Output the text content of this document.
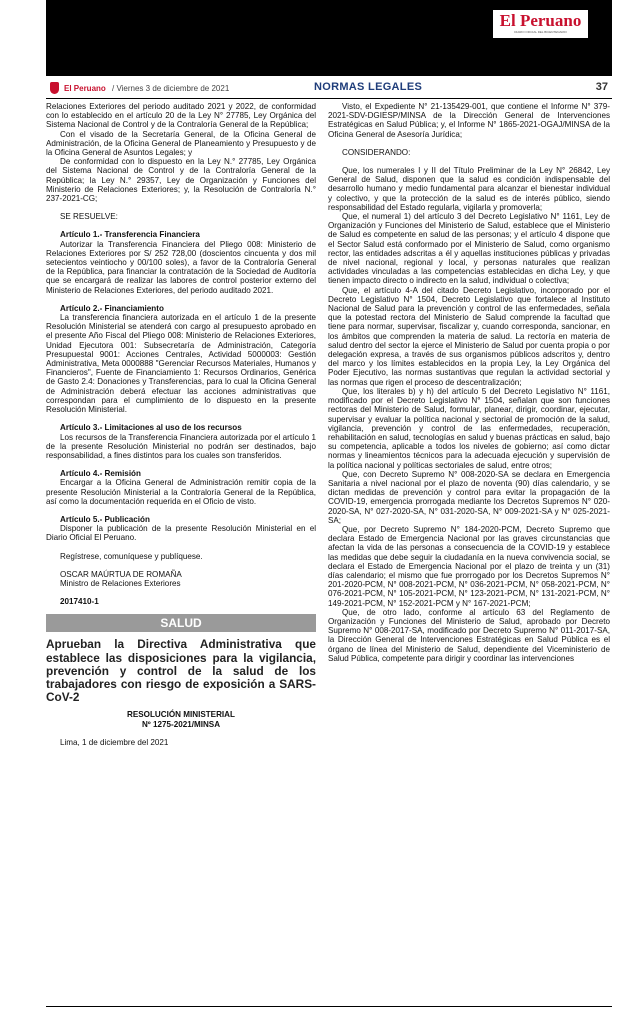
El Peruano
DIARIO OFICIAL DEL BICENTENARIO
El Peruano / Viernes 3 de diciembre de 2021	NORMAS LEGALES	37

Relaciones Exteriores del periodo auditado 2021 y 2022, de conformidad con lo establecido en el artículo 20 de la Ley N° 27785, Ley Orgánica del Sistema Nacional de Control y de la Contraloría General de la República;

Con el visado de la Secretaría General, de la Oficina General de Administración, de la Oficina General de Planeamiento y Presupuesto y de la Oficina General de Asuntos Legales; y

De conformidad con lo dispuesto en la Ley N.° 27785, Ley Orgánica del Sistema Nacional de Control y de la Contraloría General de la República; la Ley N.° 29357, Ley de Organización y Funciones del Ministerio de Relaciones Exteriores; y, la Resolución de Contraloría N.° 237-2021-CG;

SE RESUELVE:

Artículo 1.- Transferencia Financiera

Autorizar la Transferencia Financiera del Pliego 008: Ministerio de Relaciones Exteriores por S/ 252 728,00 (doscientos cincuenta y dos mil setecientos veintiocho y 00/100 soles), a favor de la Contraloría General de la República, para financiar la contratación de la Sociedad de Auditoría que se encargará de realizar las labores de control posterior externo del Ministerio de Relaciones Exteriores, del periodo auditado 2021.

Artículo 2.- Financiamiento

La transferencia financiera autorizada en el artículo 1 de la presente Resolución Ministerial se atenderá con cargo al presupuesto aprobado en el presente Año Fiscal del Pliego 008: Ministerio de Relaciones Exteriores, Unidad Ejecutora 001: Subsecretaría de Administración, Categoría Presupuestal 9001: Acciones Centrales, Actividad 5000003: Gestión Administrativa, Meta 0000888 "Gerenciar Recursos Materiales, Humanos y Financieros", Fuente de Financiamiento 1: Recursos Ordinarios, Genérica de Gasto 2.4: Donaciones y Transferencias, para lo cual la Oficina General de Administración deberá efectuar las acciones administrativas que correspondan para el cumplimiento de lo dispuesto en la presente Resolución Ministerial.

Artículo 3.- Limitaciones al uso de los recursos

Los recursos de la Transferencia Financiera autorizada por el artículo 1 de la presente Resolución Ministerial no podrán ser destinados, bajo responsabilidad, a fines distintos para los cuales son transferidos.

Artículo 4.- Remisión

Encargar a la Oficina General de Administración remitir copia de la presente Resolución Ministerial a la Contraloría General de la República, así como la documentación requerida en el Oficio de visto.

Artículo 5.- Publicación

Disponer la publicación de la presente Resolución Ministerial en el Diario Oficial El Peruano.

Regístrese, comuníquese y publíquese.

OSCAR MAÚRTUA DE ROMAÑA

Ministro de Relaciones Exteriores

2017410-1

SALUD

Aprueban la Directiva Administrativa que establece las disposiciones para la vigilancia, prevención y control de la salud de los trabajadores con riesgo de exposición a SARS-CoV-2

RESOLUCIÓN MINISTERIAL

Nº 1275-2021/MINSA

Lima, 1 de diciembre del 2021

Visto, el Expediente N° 21-135429-001, que contiene el Informe N° 379-2021-SDV-DGIESP/MINSA de la Dirección General de Intervenciones Estratégicas en Salud Pública; y, el Informe N° 1865-2021-OGAJ/MINSA de la Oficina General de Asesoría Jurídica;

CONSIDERANDO:

Que, los numerales I y II del Título Preliminar de la Ley N° 26842, Ley General de Salud, disponen que la salud es condición indispensable del desarrollo humano y medio fundamental para alcanzar el bienestar individual y colectivo, y que la protección de la salud es de interés público, siendo responsabilidad del Estado regularla, vigilarla y promoverla;

Que, el numeral 1) del artículo 3 del Decreto Legislativo N° 1161, Ley de Organización y Funciones del Ministerio de Salud, establece que el Ministerio de Salud es competente en salud de las personas; y el artículo 4 dispone que el Sector Salud está conformado por el Ministerio de Salud, como organismo rector, las entidades adscritas a él y aquellas instituciones públicas y privadas de nivel nacional, regional y local, y personas naturales que realizan actividades vinculadas a las competencias establecidas en dicha Ley, y que tienen impacto directo o indirecto en la salud, individual o colectiva;

Que, el artículo 4-A del citado Decreto Legislativo, incorporado por el Decreto Legislativo N° 1504, Decreto Legislativo que fortalece al Instituto Nacional de Salud para la prevención y control de las enfermedades, señala que la potestad rectora del Ministerio de Salud comprende la facultad que tiene para normar, supervisar, fiscalizar y, cuando corresponda, sancionar, en los ámbitos que comprenden la materia de salud. La rectoría en materia de salud dentro del sector la ejerce el Ministerio de Salud por cuenta propia o por delegación expresa, a través de sus organismos públicos adscritos y, dentro del marco y los límites establecidos en la propia Ley, la Ley Orgánica del Poder Ejecutivo, las normas sustantivas que regulan la actividad sectorial y las normas que rigen el proceso de descentralización;

Que, los literales b) y h) del artículo 5 del Decreto Legislativo N° 1161, modificado por el Decreto Legislativo N° 1504, señalan que son funciones rectoras del Ministerio de Salud, formular, planear, dirigir, coordinar, ejecutar, supervisar y evaluar la política nacional y sectorial de promoción de la salud, vigilancia, prevención y control de las enfermedades, recuperación, rehabilitación en salud, tecnologías en salud y buenas prácticas en salud, bajo su competencia, aplicable a todos los niveles de gobierno; así como dictar normas y lineamientos técnicos para la adecuada ejecución y supervisión de la política nacional y políticas sectoriales de salud, entre otros;

Que, con Decreto Supremo N° 008-2020-SA se declara en Emergencia Sanitaria a nivel nacional por el plazo de noventa (90) días calendario, y se dictan medidas de prevención y control para evitar la propagación de la COVID-19, emergencia prorrogada mediante los Decretos Supremos N° 020-2020-SA, N° 027-2020-SA, N° 031-2020-SA, N° 009-2021-SA y N° 025-2021-SA;

Que, por Decreto Supremo N° 184-2020-PCM, Decreto Supremo que declara Estado de Emergencia Nacional por las graves circunstancias que afectan la vida de las personas a consecuencia de la COVID-19 y establece las medidas que debe seguir la ciudadanía en la nueva convivencia social, se declara el Estado de Emergencia Nacional por el plazo de treinta y un (31) días calendario; el mismo que fue prorrogado por los Decretos Supremos N° 201-2020-PCM, N° 008-2021-PCM, N° 036-2021-PCM, N° 058-2021-PCM, N° 076-2021-PCM, N° 105-2021-PCM, N° 123-2021-PCM, N° 131-2021-PCM, N° 149-2021-PCM, N° 152-2021-PCM y N° 167-2021-PCM;

Que, de otro lado, conforme al artículo 63 del Reglamento de Organización y Funciones del Ministerio de Salud, aprobado por Decreto Supremo N° 008-2017-SA, modificado por Decreto Supremo N° 011-2017-SA, la Dirección General de Intervenciones Estratégicas en Salud Pública es el órgano de línea del Ministerio de Salud, dependiente del Viceministerio de Salud Pública, competente para dirigir y coordinar las intervenciones
